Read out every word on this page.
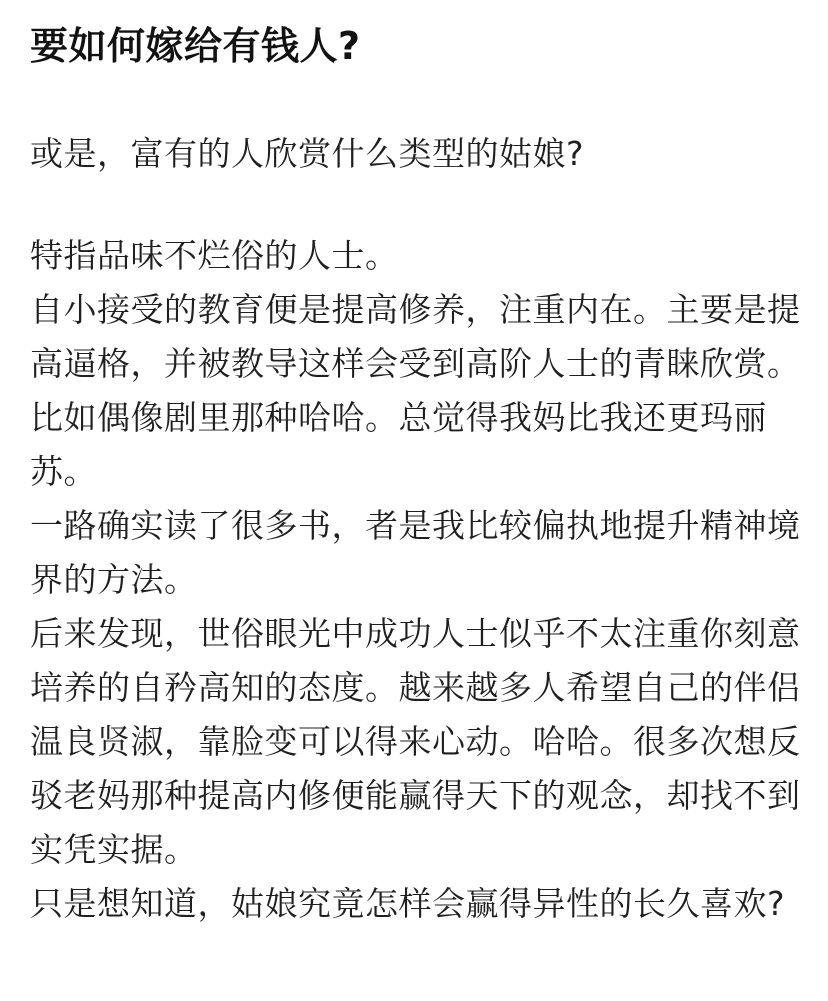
要如何嫁给有钱人?
或是，富有的人欣赏什么类型的姑娘?

特指品味不烂俗的人士。

自小接受的教育便是提高修养，注重内在。主要是提高逼格，并被教导这样会受到高阶人士的青睐欣赏。比如偶像剧里那种哈哈。总觉得我妈比我还更玛丽苏。

一路确实读了很多书，者是我比较偏执地提升精神境界的方法。

后来发现，世俗眼光中成功人士似乎不太注重你刻意培养的自矜高知的态度。越来越多人希望自己的伴侣温良贤淑，靠脸变可以得来心动。哈哈。很多次想反驳老妈那种提高内修便能赢得天下的观念，却找不到实凭实据。

只是想知道，姑娘究竟怎样会赢得异性的长久喜欢?
